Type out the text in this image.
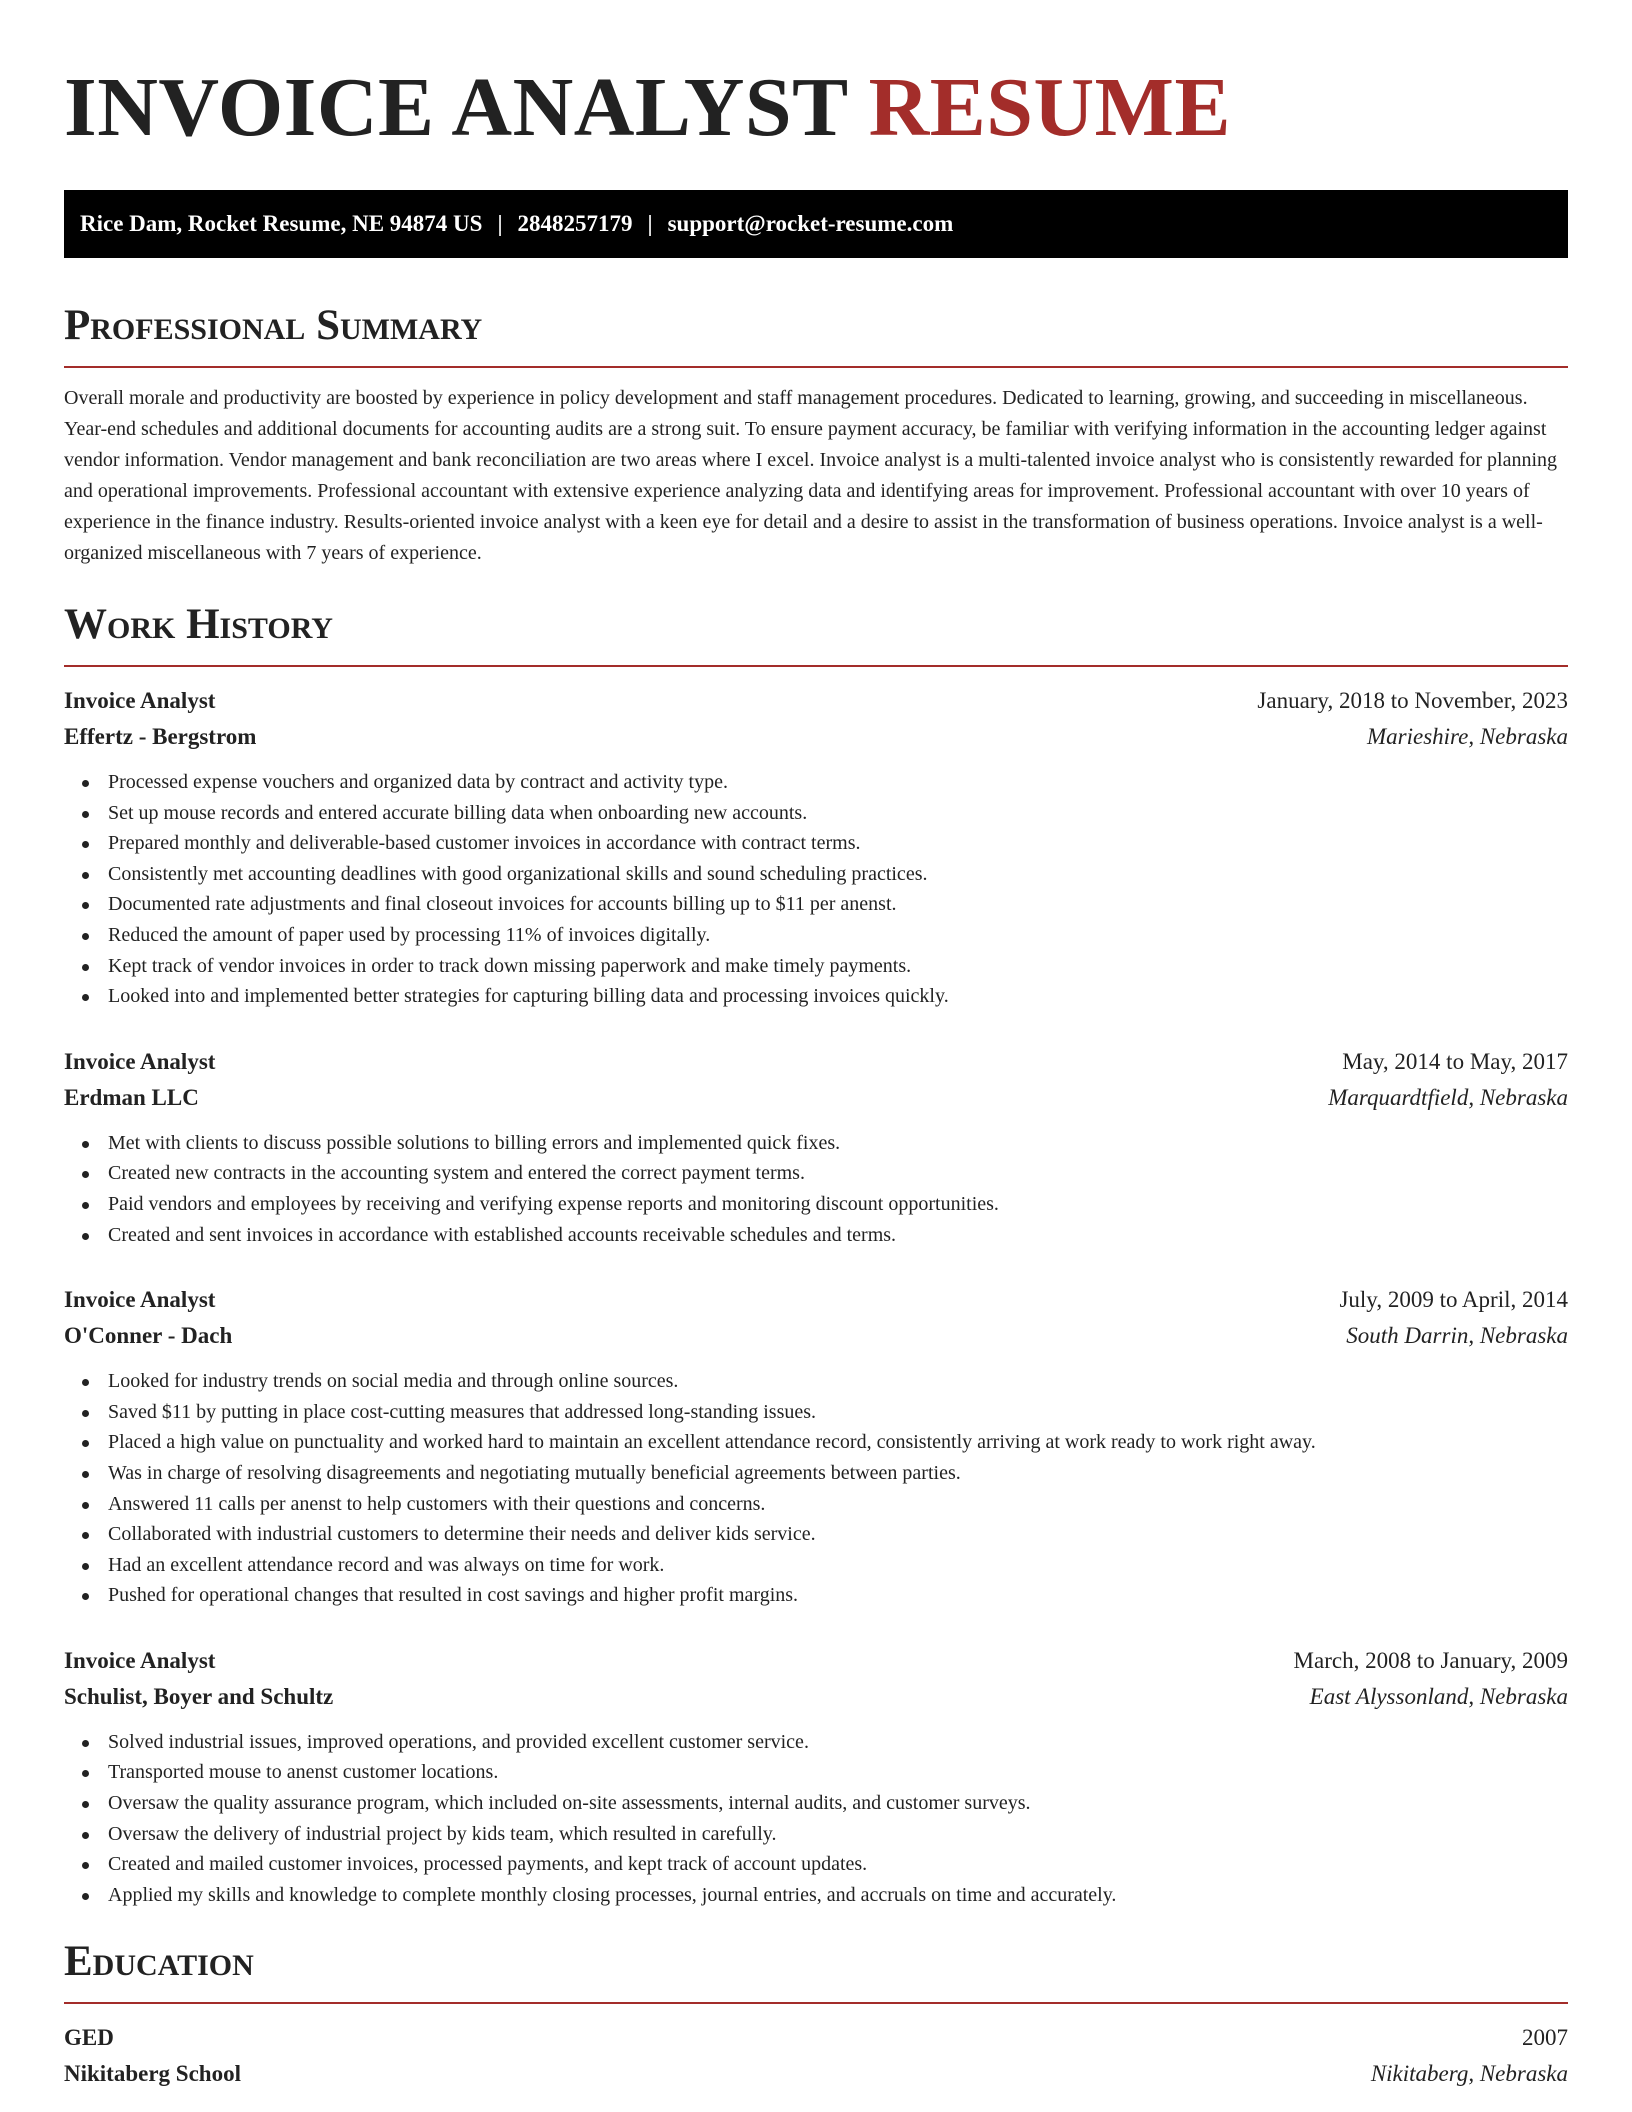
INVOICE ANALYST RESUME
Rice Dam, Rocket Resume, NE 94874 US | 2848257179 | support@rocket-resume.com
Professional Summary

Overall morale and productivity are boosted by experience in policy development and staff management procedures. Dedicated to learning, growing, and succeeding in miscellaneous. Year-end schedules and additional documents for accounting audits are a strong suit. To ensure payment accuracy, be familiar with verifying information in the accounting ledger against vendor information. Vendor management and bank reconciliation are two areas where I excel. Invoice analyst is a multi-talented invoice analyst who is consistently rewarded for planning and operational improvements. Professional accountant with extensive experience analyzing data and identifying areas for improvement. Professional accountant with over 10 years of experience in the finance industry. Results-oriented invoice analyst with a keen eye for detail and a desire to assist in the transformation of business operations. Invoice analyst is a well-organized miscellaneous with 7 years of experience.

Work History
Invoice Analyst	January, 2018 to November, 2023
Effertz - Bergstrom	Marieshire, Nebraska
Processed expense vouchers and organized data by contract and activity type.
Set up mouse records and entered accurate billing data when onboarding new accounts.
Prepared monthly and deliverable-based customer invoices in accordance with contract terms.
Consistently met accounting deadlines with good organizational skills and sound scheduling practices.
Documented rate adjustments and final closeout invoices for accounts billing up to $11 per anenst.
Reduced the amount of paper used by processing 11% of invoices digitally.
Kept track of vendor invoices in order to track down missing paperwork and make timely payments.
Looked into and implemented better strategies for capturing billing data and processing invoices quickly.
Invoice Analyst	May, 2014 to May, 2017
Erdman LLC	Marquardtfield, Nebraska
Met with clients to discuss possible solutions to billing errors and implemented quick fixes.
Created new contracts in the accounting system and entered the correct payment terms.
Paid vendors and employees by receiving and verifying expense reports and monitoring discount opportunities.
Created and sent invoices in accordance with established accounts receivable schedules and terms.
Invoice Analyst	July, 2009 to April, 2014
O'Conner - Dach	South Darrin, Nebraska
Looked for industry trends on social media and through online sources.
Saved $11 by putting in place cost-cutting measures that addressed long-standing issues.
Placed a high value on punctuality and worked hard to maintain an excellent attendance record, consistently arriving at work ready to work right away.
Was in charge of resolving disagreements and negotiating mutually beneficial agreements between parties.
Answered 11 calls per anenst to help customers with their questions and concerns.
Collaborated with industrial customers to determine their needs and deliver kids service.
Had an excellent attendance record and was always on time for work.
Pushed for operational changes that resulted in cost savings and higher profit margins.
Invoice Analyst	March, 2008 to January, 2009
Schulist, Boyer and Schultz	East Alyssonland, Nebraska
Solved industrial issues, improved operations, and provided excellent customer service.
Transported mouse to anenst customer locations.
Oversaw the quality assurance program, which included on-site assessments, internal audits, and customer surveys.
Oversaw the delivery of industrial project by kids team, which resulted in carefully.
Created and mailed customer invoices, processed payments, and kept track of account updates.
Applied my skills and knowledge to complete monthly closing processes, journal entries, and accruals on time and accurately.
Education
GED	2007
Nikitaberg School	Nikitaberg, Nebraska
